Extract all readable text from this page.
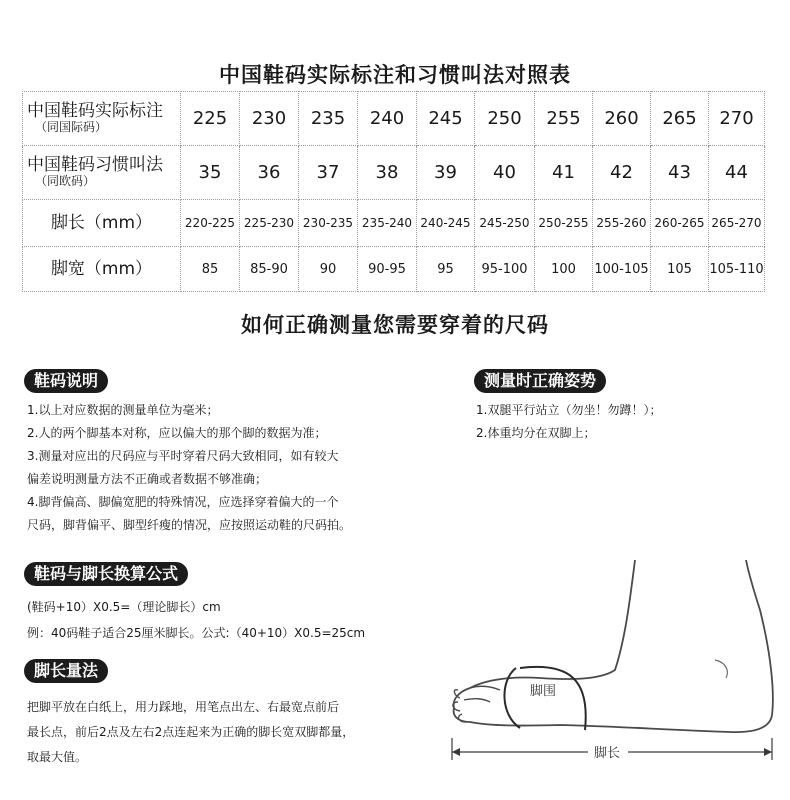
中国鞋码实际标注和习惯叫法对照表
中国鞋码实际标注
（同国际码）	225	230	235	240	245	250	255	260	265	270
中国鞋码习惯叫法
（同欧码）	35	36	37	38	39	40	41	42	43	44
脚长（mm）	220-225	225-230	230-235	235-240	240-245	245-250	250-255	255-260	260-265	265-270
脚宽（mm）	85	85-90	90	90-95	95	95-100	100	100-105	105	105-110
如何正确测量您需要穿着的尺码
鞋码说明
1.以上对应数据的测量单位为毫米；
2.人的两个脚基本对称，应以偏大的那个脚的数据为准；
3.测量对应出的尺码应与平时穿着尺码大致相同，如有较大
偏差说明测量方法不正确或者数据不够准确；
4.脚背偏高、脚偏宽肥的特殊情况，应选择穿着偏大的一个
尺码，脚背偏平、脚型纤瘦的情况，应按照运动鞋的尺码拍。
测量时正确姿势
1.双腿平行站立（勿坐！勿蹲！）；
2.体重均分在双脚上；
鞋码与脚长换算公式
(鞋码+10）X0.5=（理论脚长）cm
例：40码鞋子适合25厘米脚长。公式:（40+10）X0.5=25cm
脚长量法
把脚平放在白纸上，用力踩地，用笔点出左、右最宽点前后
最长点，前后2点及左右2点连起来为正确的脚长宽双脚都量，
取最大值。
脚围
脚长
